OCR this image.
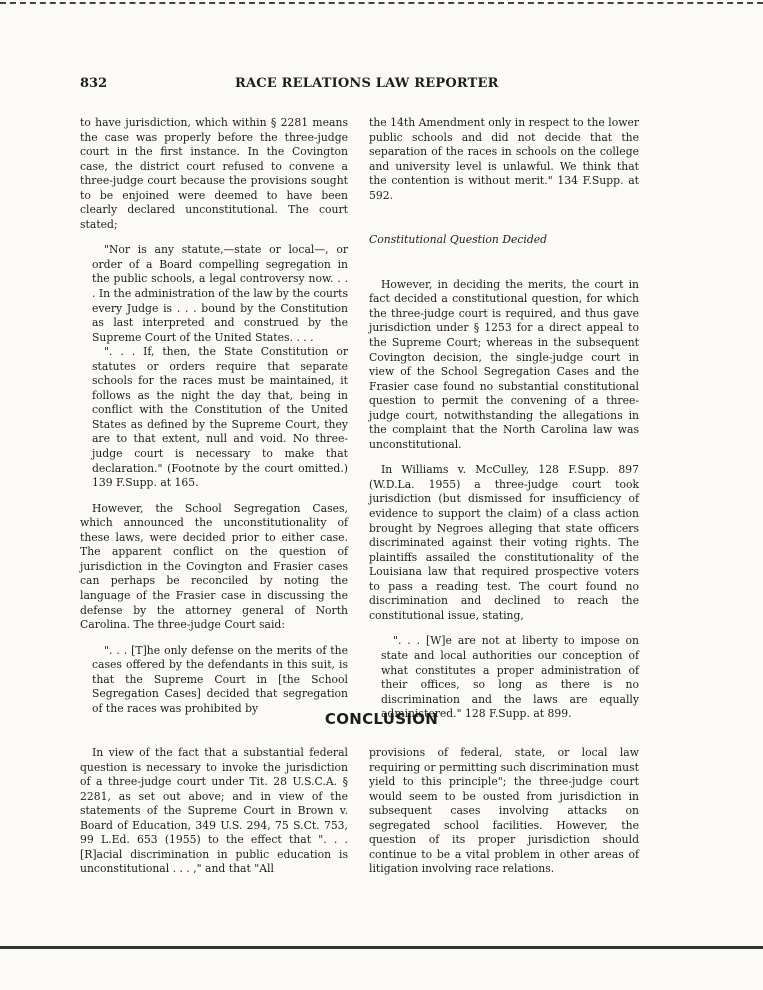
832	RACE RELATIONS LAW REPORTER

to have jurisdiction, which within § 2281 means the case was properly before the three-judge court in the first instance. In the Covington case, the district court refused to convene a three-judge court because the provisions sought to be enjoined were deemed to have been clearly declared unconstitutional. The court stated;

"Nor is any statute,—state or local—, or order of a Board compelling segregation in the public schools, a legal controversy now. . . . In the administration of the law by the courts every Judge is . . . bound by the Constitution as last interpreted and construed by the Supreme Court of the United States. . . .

". . . If, then, the State Constitution or statutes or orders require that separate schools for the races must be maintained, it follows as the night the day that, being in conflict with the Constitution of the United States as defined by the Supreme Court, they are to that extent, null and void. No three-judge court is necessary to make that declaration." (Footnote by the court omitted.) 139 F.Supp. at 165.

However, the School Segregation Cases, which announced the unconstitutionality of these laws, were decided prior to either case. The apparent conflict on the question of jurisdiction in the Covington and Frasier cases can perhaps be reconciled by noting the language of the Frasier case in discussing the defense by the attorney general of North Carolina. The three-judge Court said:

". . . [T]he only defense on the merits of the cases offered by the defendants in this suit, is that the Supreme Court in [the School Segregation Cases] decided that segregation of the races was prohibited by

the 14th Amendment only in respect to the lower public schools and did not decide that the separation of the races in schools on the college and university level is unlawful. We think that the contention is without merit." 134 F.Supp. at 592.

Constitutional Question Decided

However, in deciding the merits, the court in fact decided a constitutional question, for which the three-judge court is required, and thus gave jurisdiction under § 1253 for a direct appeal to the Supreme Court; whereas in the subsequent Covington decision, the single-judge court in view of the School Segregation Cases and the Frasier case found no substantial constitutional question to permit the convening of a three-judge court, notwithstanding the allegations in the complaint that the North Carolina law was unconstitutional.

In Williams v. McCulley, 128 F.Supp. 897 (W.D.La. 1955) a three-judge court took jurisdiction (but dismissed for insufficiency of evidence to support the claim) of a class action brought by Negroes alleging that state officers discriminated against their voting rights. The plaintiffs assailed the constitutionality of the Louisiana law that required prospective voters to pass a reading test. The court found no discrimination and declined to reach the constitutional issue, stating,

". . . [W]e are not at liberty to impose on state and local authorities our conception of what constitutes a proper administration of their offices, so long as there is no discrimination and the laws are equally administered." 128 F.Supp. at 899.

CONCLUSION

In view of the fact that a substantial federal question is necessary to invoke the jurisdiction of a three-judge court under Tit. 28 U.S.C.A. § 2281, as set out above; and in view of the statements of the Supreme Court in Brown v. Board of Education, 349 U.S. 294, 75 S.Ct. 753, 99 L.Ed. 653 (1955) to the effect that ". . . [R]acial discrimination in public education is unconstitutional . . . ," and that "All

provisions of federal, state, or local law requiring or permitting such discrimination must yield to this principle"; the three-judge court would seem to be ousted from jurisdiction in subsequent cases involving attacks on segregated school facilities. However, the question of its proper jurisdiction should continue to be a vital problem in other areas of litigation involving race relations.
